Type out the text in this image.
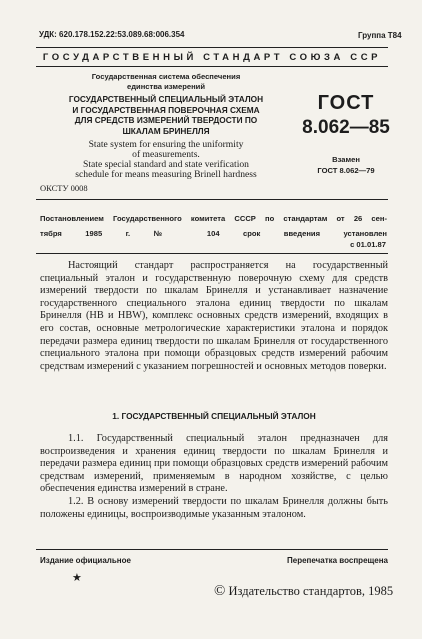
УДК: 620.178.152.22:53.089.68:006.354	Группа Т84
ГОСУДАРСТВЕННЫЙ СТАНДАРТ СОЮЗА ССР
Государственная система обеспечения
единства измерений
ГОСУДАРСТВЕННЫЙ СПЕЦИАЛЬНЫЙ ЭТАЛОН
И ГОСУДАРСТВЕННАЯ ПОВЕРОЧНАЯ СХЕМА
ДЛЯ СРЕДСТВ ИЗМЕРЕНИЙ ТВЕРДОСТИ ПО
ШКАЛАМ БРИНЕЛЛЯ
State system for ensuring the uniformity
of measurements.
State special standard and state verification
schedule for means measuring Brinell hardness
ОКСТУ 0008
ГОСТ
8.062—85
Взамен
ГОСТ 8.062—79
Постановлением Государственного комитета СССР по стандартам от 26 сен-
тября 1985 г. № 104 срок введения установлен
с 01.01.87
Настоящий стандарт распространяется на государственный специальный эталон и государственную поверочную схему для средств измерений твердости по шкалам Бринелля и устанавливает назначение государственного специального эталона единиц твердости по шкалам Бринелля (HB и HBW), комплекс основных средств измерений, входящих в его состав, основные метрологические характеристики эталона и порядок передачи размера единиц твердости по шкалам Бринелля от государственного специального эталона при помощи образцовых средств измерений рабочим средствам измерений с указанием погрешностей и основных методов поверки.
1. ГОСУДАРСТВЕННЫЙ СПЕЦИАЛЬНЫЙ ЭТАЛОН
1.1. Государственный специальный эталон предназначен для воспроизведения и хранения единиц твердости по шкалам Бринелля и передачи размера единиц при помощи образцовых средств измерений рабочим средствам измерений, применяемым в народном хозяйстве, с целью обеспечения единства измерений в стране.
1.2. В основу измерений твердости по шкалам Бринелля должны быть положены единицы, воспроизводимые указанным эталоном.
Издание официальное	Перепечатка воспрещена
★
© Издательство стандартов, 1985
